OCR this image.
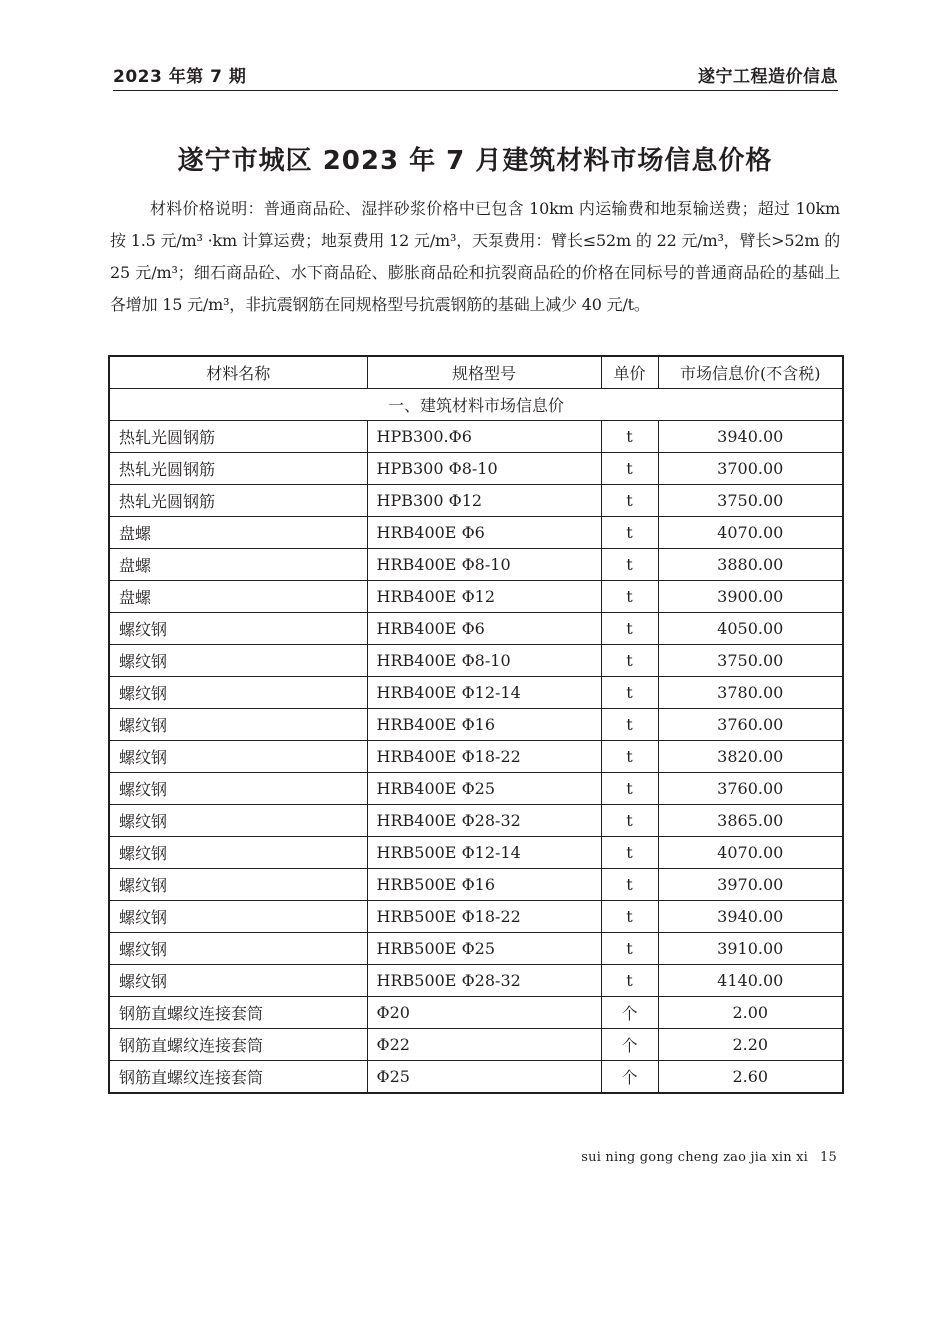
2023 年第 7 期	遂宁工程造价信息
遂宁市城区 2023 年 7 月建筑材料市场信息价格
材料价格说明：普通商品砼、湿拌砂浆价格中已包含 10km 内运输费和地泵输送费；超过 10km 按 1.5 元/m³ ·km 计算运费；地泵费用 12 元/m³，天泵费用：臂长≤52m 的 22 元/m³，臂长>52m 的 25 元/m³；细石商品砼、水下商品砼、膨胀商品砼和抗裂商品砼的价格在同标号的普通商品砼的基础上各增加 15 元/m³，非抗震钢筋在同规格型号抗震钢筋的基础上减少 40 元/t。
材料名称	规格型号	单价	市场信息价(不含税)
一、建筑材料市场信息价			
热轧光圆钢筋	HPB300.Φ6	t	3940.00
热轧光圆钢筋	HPB300 Φ8-10	t	3700.00
热轧光圆钢筋	HPB300 Φ12	t	3750.00
盘螺	HRB400E Φ6	t	4070.00
盘螺	HRB400E Φ8-10	t	3880.00
盘螺	HRB400E Φ12	t	3900.00
螺纹钢	HRB400E Φ6	t	4050.00
螺纹钢	HRB400E Φ8-10	t	3750.00
螺纹钢	HRB400E Φ12-14	t	3780.00
螺纹钢	HRB400E Φ16	t	3760.00
螺纹钢	HRB400E Φ18-22	t	3820.00
螺纹钢	HRB400E Φ25	t	3760.00
螺纹钢	HRB400E Φ28-32	t	3865.00
螺纹钢	HRB500E Φ12-14	t	4070.00
螺纹钢	HRB500E Φ16	t	3970.00
螺纹钢	HRB500E Φ18-22	t	3940.00
螺纹钢	HRB500E Φ25	t	3910.00
螺纹钢	HRB500E Φ28-32	t	4140.00
钢筋直螺纹连接套筒	Φ20	个	2.00
钢筋直螺纹连接套筒	Φ22	个	2.20
钢筋直螺纹连接套筒	Φ25	个	2.60
sui ning gong cheng zao jia xin xi 15
